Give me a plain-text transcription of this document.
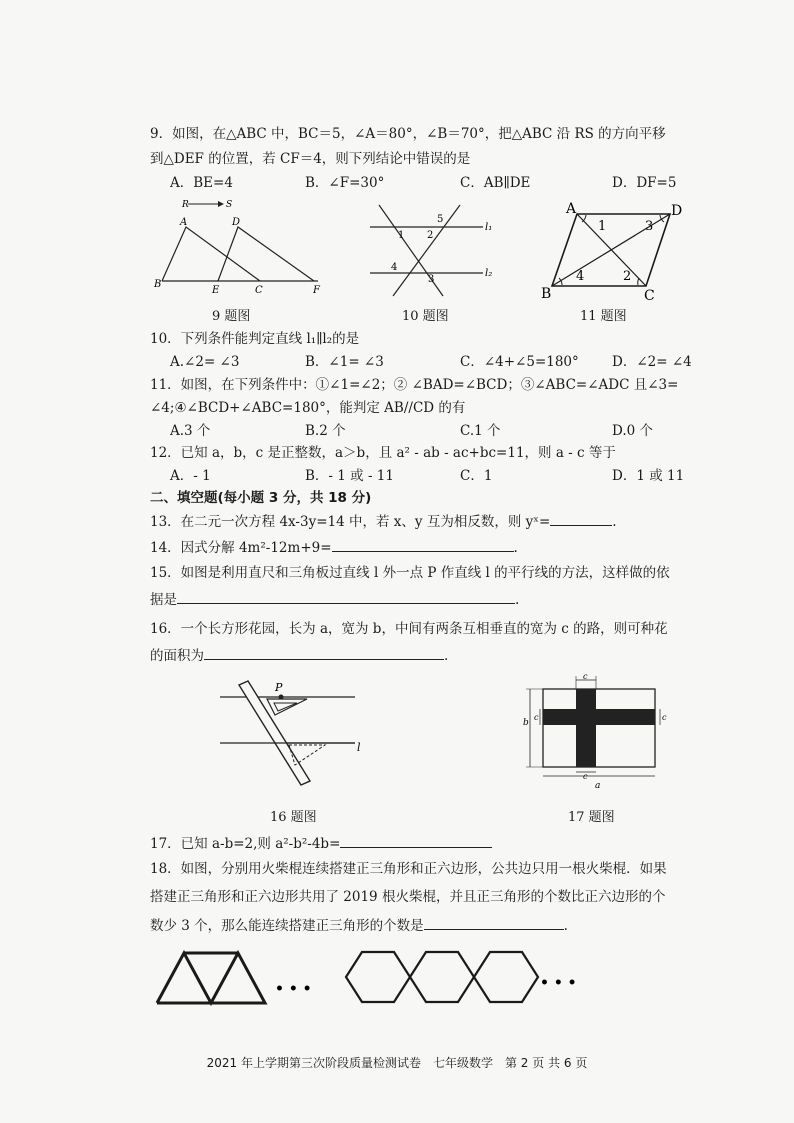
9．如图，在△ABC 中，BC＝5，∠A＝80°，∠B＝70°，把△ABC 沿 RS 的方向平移
到△DEF 的位置，若 CF＝4，则下列结论中错误的是
A．BE=4	B．∠F=30°	C．AB∥DE	D．DF=5
R	S
A	D
B
E	C	F
1 2
5
4
3
l₁
l₂
A	D
B	C
1	3
4	2
9 题图	10 题图	11 题图
10．下列条件能判定直线 l₁∥l₂的是
A.∠2= ∠3	B．∠1= ∠3	C．∠4+∠5=180° D．∠2= ∠4
11．如图，在下列条件中：①∠1=∠2；② ∠BAD=∠BCD；③∠ABC=∠ADC 且∠3=
∠4;④∠BCD+∠ABC=180°，能判定 AB//CD 的有
A.3 个	B.2 个	C.1 个	D.0 个
12．已知 a，b，c 是正整数，a＞b，且 a² - ab - ac+bc=11，则 a - c 等于
A．- 1	B．- 1 或 - 11	C．1	D．1 或 11
二、填空题(每小题 3 分，共 18 分)
13．在二元一次方程 4x-3y=14 中，若 x、y 互为相反数，则 yˣ=	.
14．因式分解 4m²-12m+9=	.
15．如图是利用直尺和三角板过直线 l 外一点 P 作直线 l 的平行线的方法，这样做的依
据是	.
16．一个长方形花园，长为 a，宽为 b，中间有两条互相垂直的宽为 c 的路，则可种花
的面积为	.
P
l
c
b
c	c
c
a
16 题图	17 题图
17．已知 a-b=2,则 a²-b²-4b=
18．如图，分别用火柴棍连续搭建正三角形和正六边形，公共边只用一根火柴棍．如果
搭建正三角形和正六边形共用了 2019 根火柴棍，并且正三角形的个数比正六边形的个
数少 3 个，那么能连续搭建正三角形的个数是	.
• • •	• • •
2021 年上学期第三次阶段质量检测试卷　七年级数学　第 2 页 共 6 页
